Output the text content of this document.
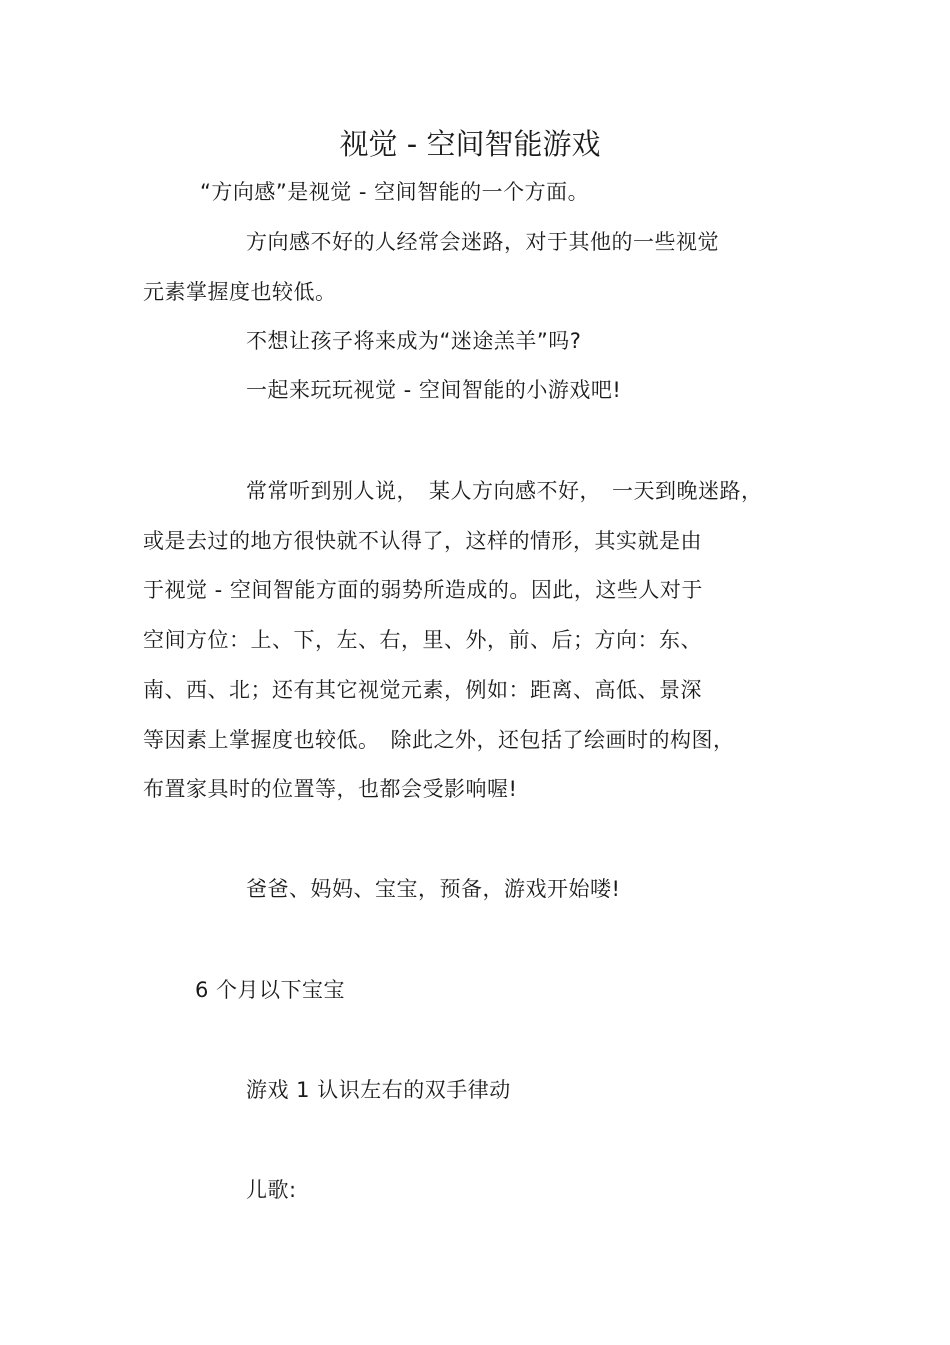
视觉 - 空间智能游戏
“方向感”是视觉 - 空间智能的一个方面。
方向感不好的人经常会迷路，对于其他的一些视觉
元素掌握度也较低。
不想让孩子将来成为“迷途羔羊”吗?
一起来玩玩视觉 - 空间智能的小游戏吧!
常常听到别人说，　某人方向感不好，　一天到晚迷路，
或是去过的地方很快就不认得了，这样的情形，其实就是由
于视觉 - 空间智能方面的弱势所造成的。因此，这些人对于
空间方位：上、下，左、右，里、外，前、后；方向：东、
南、西、北；还有其它视觉元素，例如：距离、高低、景深
等因素上掌握度也较低。　除此之外，还包括了绘画时的构图，
布置家具时的位置等，也都会受影响喔!
爸爸、妈妈、宝宝，预备，游戏开始喽!
6 个月以下宝宝
游戏 1 认识左右的双手律动
儿歌:
